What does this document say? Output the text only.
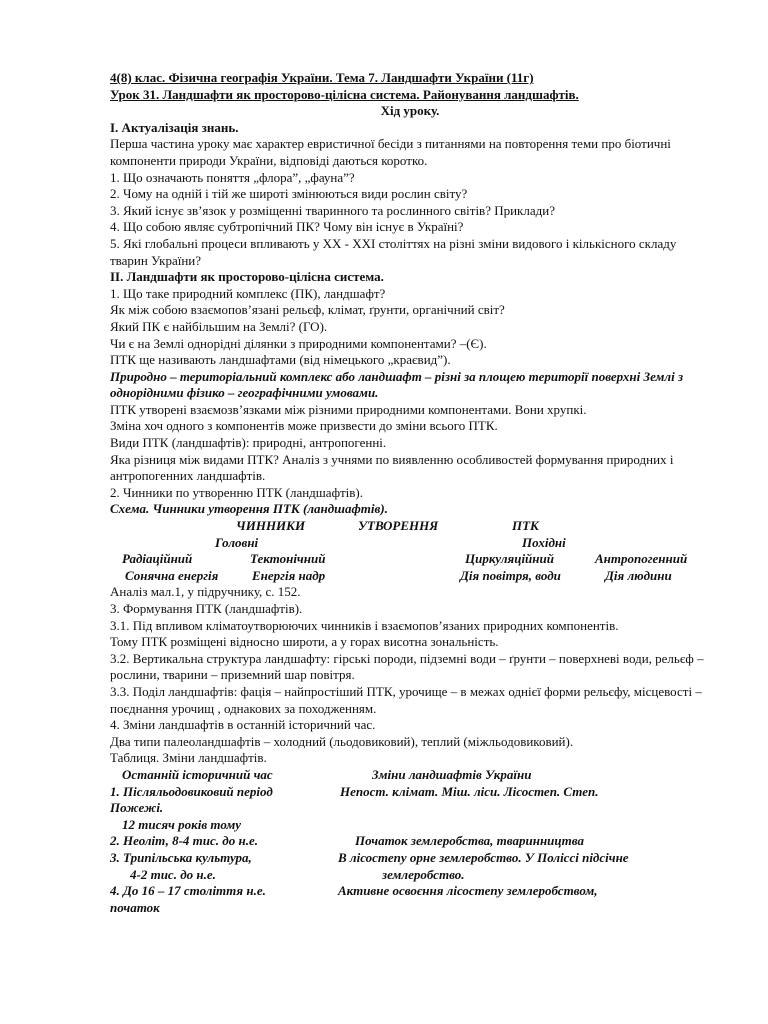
4(8) клас. Фізична географія України. Тема 7. Ландшафти України (11г)
Урок 31. Ландшафти як просторово-цілісна система. Районування ландшафтів.
Хід уроку.
І. Актуалізація знань.
Перша частина уроку має характер евристичної бесіди з питаннями на повторення теми про біотичні компоненти природи України, відповіді даються коротко.
1. Що означають поняття „флора”, „фауна”?
2. Чому на одній і тій же широті змінюються види рослин світу?
3. Який існує зв’язок у розміщенні тваринного та рослинного світів? Приклади?
4. Що собою являє субтропічний ПК? Чому він існує в Україні?
5. Які глобальні процеси впливають у ХХ - ХХІ століттях на різні зміни видового і кількісного складу тварин України?
ІІ. Ландшафти як просторово-цілісна система.
1. Що таке природний комплекс (ПК), ландшафт?
Як між собою взаємопов’язані рельєф, клімат, ґрунти, органічний світ?
Який ПК є найбільшим на Землі? (ГО).
Чи є на Землі однорідні ділянки з природними компонентами? –(Є).
ПТК ще називають ландшафтами (від німецького „краєвид”).
Природно – територіальний комплекс або ландшафт – різні за площею території поверхні Землі з однорідними фізико – географічними умовами.
ПТК утворені взаємозв’язками між різними природними компонентами. Вони хрупкі.
Зміна хоч одного з компонентів може призвести до зміни всього ПТК.
Види ПТК (ландшафтів): природні, антропогенні.
Яка різниця між видами ПТК? Аналіз з учнями по виявленню особливостей формування природних і антропогенних ландшафтів.
2. Чинники по утворенню ПТК (ландшафтів).
Схема. Чинники утворення ПТК (ландшафтів).
ЧИННИКИ	УТВОРЕННЯ	ПТК
Головні	Похідні
Радіаційний	Тектонічний	Циркуляційний	Антропогенний
Сонячна енергія	Енергія надр	Дія повітря, води	Дія людини
Аналіз мал.1, у підручнику, с. 152.
3. Формування ПТК (ландшафтів).
3.1. Під впливом кліматоутворюючих чинників і взаємопов’язаних природних компонентів.
Тому ПТК розміщені відносно широти, а у горах висотна зональність.
3.2. Вертикальна структура ландшафту: гірські породи, підземні води – ґрунти – поверхневі води, рельєф – рослини, тварини – приземний шар повітря.
3.3. Поділ ландшафтів: фація – найпростіший ПТК, урочище – в межах однієї форми рельєфу, місцевості – поєднання урочищ , однакових за походженням.
4. Зміни ландшафтів в останній історичний час.
Два типи палеоландшафтів – холодний (льодовиковий), теплий (міжльодовиковий).
Таблиця. Зміни ландшафтів.
Останній історичний час	Зміни ландшафтів України
1. Післяльодовиковий період	Непост. клімат. Міш. ліси. Лісостеп. Степ.
Пожежі.
12 тисяч років тому
2. Неоліт, 8-4 тис. до н.е.	Початок землеробства, тваринництва
3. Трипільська культура,	В лісостепу орне землеробство. У Поліссі підсічне
4-2 тис. до н.е.	землеробство.
4. До 16 – 17 століття н.е.	Активне освоєння лісостепу землеробством,
початок
